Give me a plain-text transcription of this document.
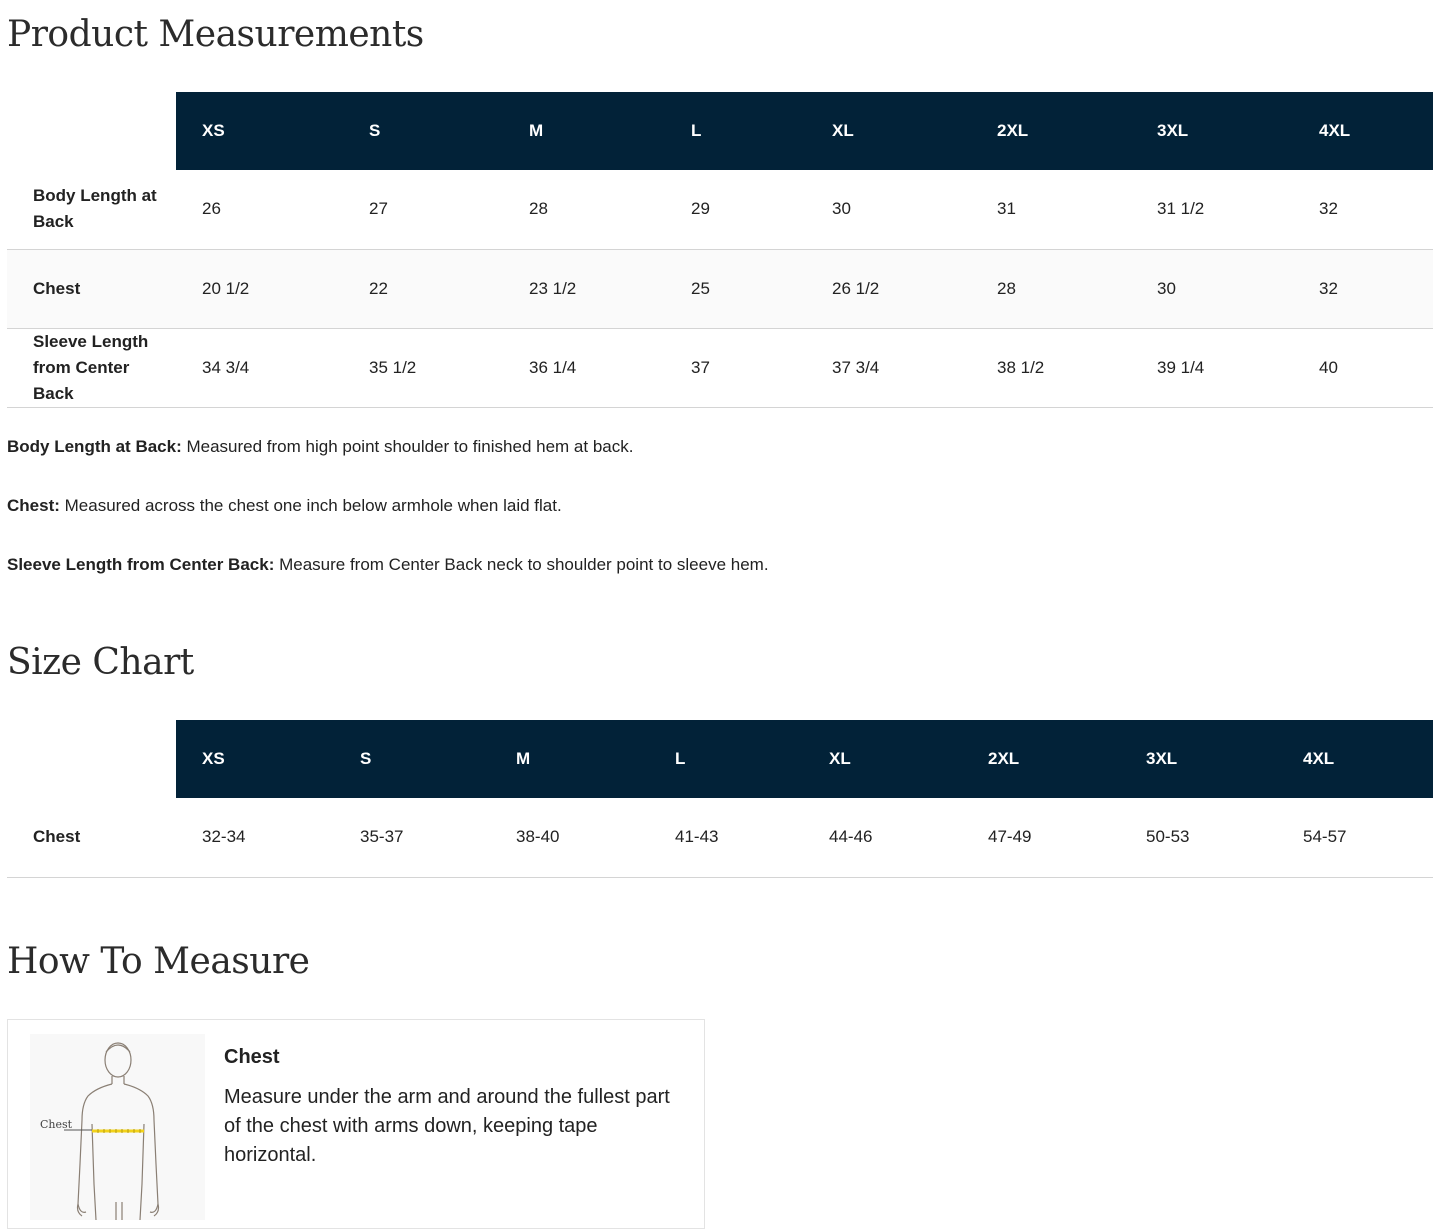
Product Measurements
	XS	S	M	L	XL	2XL	3XL	4XL
Body Length at Back	26	27	28	29	30	31	31 1/2	32
Chest	20 1/2	22	23 1/2	25	26 1/2	28	30	32
Sleeve Length from Center Back	34 3/4	35 1/2	36 1/4	37	37 3/4	38 1/2	39 1/4	40
Body Length at Back: Measured from high point shoulder to finished hem at back.
Chest: Measured across the chest one inch below armhole when laid flat.
Sleeve Length from Center Back: Measure from Center Back neck to shoulder point to sleeve hem.
Size Chart
	XS	S	M	L	XL	2XL	3XL	4XL
Chest	32-34	35-37	38-40	41-43	44-46	47-49	50-53	54-57
How To Measure
Chest
Chest
Measure under the arm and around the fullest part of the chest with arms down, keeping tape horizontal.
